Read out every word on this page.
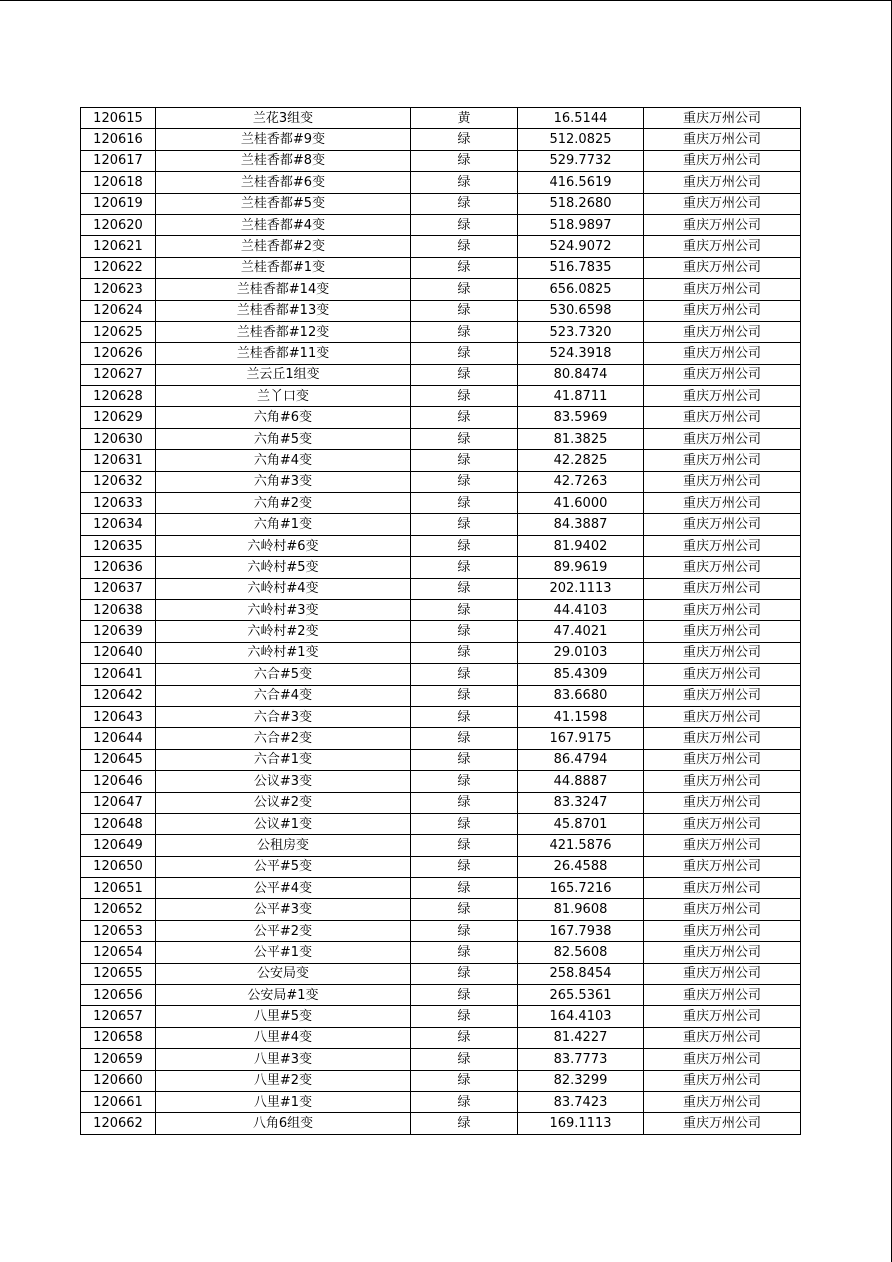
120615	兰花3组变	黄	16.5144	重庆万州公司
120616	兰桂香都#9变	绿	512.0825	重庆万州公司
120617	兰桂香都#8变	绿	529.7732	重庆万州公司
120618	兰桂香都#6变	绿	416.5619	重庆万州公司
120619	兰桂香都#5变	绿	518.2680	重庆万州公司
120620	兰桂香都#4变	绿	518.9897	重庆万州公司
120621	兰桂香都#2变	绿	524.9072	重庆万州公司
120622	兰桂香都#1变	绿	516.7835	重庆万州公司
120623	兰桂香都#14变	绿	656.0825	重庆万州公司
120624	兰桂香都#13变	绿	530.6598	重庆万州公司
120625	兰桂香都#12变	绿	523.7320	重庆万州公司
120626	兰桂香都#11变	绿	524.3918	重庆万州公司
120627	兰云丘1组变	绿	80.8474	重庆万州公司
120628	兰丫口变	绿	41.8711	重庆万州公司
120629	六角#6变	绿	83.5969	重庆万州公司
120630	六角#5变	绿	81.3825	重庆万州公司
120631	六角#4变	绿	42.2825	重庆万州公司
120632	六角#3变	绿	42.7263	重庆万州公司
120633	六角#2变	绿	41.6000	重庆万州公司
120634	六角#1变	绿	84.3887	重庆万州公司
120635	六岭村#6变	绿	81.9402	重庆万州公司
120636	六岭村#5变	绿	89.9619	重庆万州公司
120637	六岭村#4变	绿	202.1113	重庆万州公司
120638	六岭村#3变	绿	44.4103	重庆万州公司
120639	六岭村#2变	绿	47.4021	重庆万州公司
120640	六岭村#1变	绿	29.0103	重庆万州公司
120641	六合#5变	绿	85.4309	重庆万州公司
120642	六合#4变	绿	83.6680	重庆万州公司
120643	六合#3变	绿	41.1598	重庆万州公司
120644	六合#2变	绿	167.9175	重庆万州公司
120645	六合#1变	绿	86.4794	重庆万州公司
120646	公议#3变	绿	44.8887	重庆万州公司
120647	公议#2变	绿	83.3247	重庆万州公司
120648	公议#1变	绿	45.8701	重庆万州公司
120649	公租房变	绿	421.5876	重庆万州公司
120650	公平#5变	绿	26.4588	重庆万州公司
120651	公平#4变	绿	165.7216	重庆万州公司
120652	公平#3变	绿	81.9608	重庆万州公司
120653	公平#2变	绿	167.7938	重庆万州公司
120654	公平#1变	绿	82.5608	重庆万州公司
120655	公安局变	绿	258.8454	重庆万州公司
120656	公安局#1变	绿	265.5361	重庆万州公司
120657	八里#5变	绿	164.4103	重庆万州公司
120658	八里#4变	绿	81.4227	重庆万州公司
120659	八里#3变	绿	83.7773	重庆万州公司
120660	八里#2变	绿	82.3299	重庆万州公司
120661	八里#1变	绿	83.7423	重庆万州公司
120662	八角6组变	绿	169.1113	重庆万州公司
